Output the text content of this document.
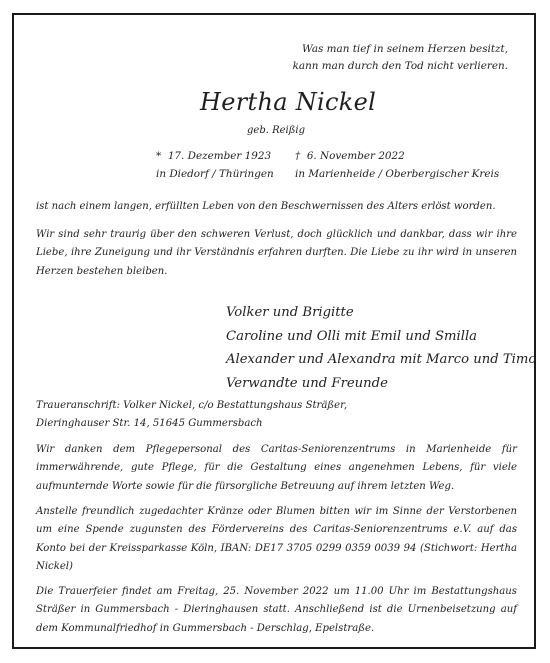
Was man tief in seinem Herzen besitzt,
kann man durch den Tod nicht verlieren.
Hertha Nickel
geb. Reißig
* 17. Dezember 1923
in Diedorf / Thüringen
† 6. November 2022
in Marienheide / Oberbergischer Kreis
ist nach einem langen, erfüllten Leben von den Beschwernissen des Alters erlöst worden.
Wir sind sehr traurig über den schweren Verlust, doch glücklich und dankbar, dass wir ihre Liebe, ihre Zuneigung und ihr Verständnis erfahren durften. Die Liebe zu ihr wird in unseren Herzen bestehen bleiben.
Volker und Brigitte
Caroline und Olli mit Emil und Smilla
Alexander und Alexandra mit Marco und Timo
Verwandte und Freunde
Traueranschrift: Volker Nickel, c/o Bestattungshaus Sträßer,
Dieringhauser Str. 14, 51645 Gummersbach
Wir danken dem Pflegepersonal des Caritas-Seniorenzentrums in Marienheide für immerwährende, gute Pflege, für die Gestaltung eines angenehmen Lebens, für viele aufmunternde Worte sowie für die fürsorgliche Betreuung auf ihrem letzten Weg.
Anstelle freundlich zugedachter Kränze oder Blumen bitten wir im Sinne der Verstorbenen um eine Spende zugunsten des Fördervereins des Caritas-Seniorenzentrums e.V. auf das Konto bei der Kreissparkasse Köln, IBAN: DE17 3705 0299 0359 0039 94 (Stichwort: Hertha Nickel)
Die Trauerfeier findet am Freitag, 25. November 2022 um 11.00 Uhr im Bestattungshaus Sträßer in Gummersbach - Dieringhausen statt. Anschließend ist die Urnenbeisetzung auf dem Kommunalfriedhof in Gummersbach - Derschlag, Epelstraße.
